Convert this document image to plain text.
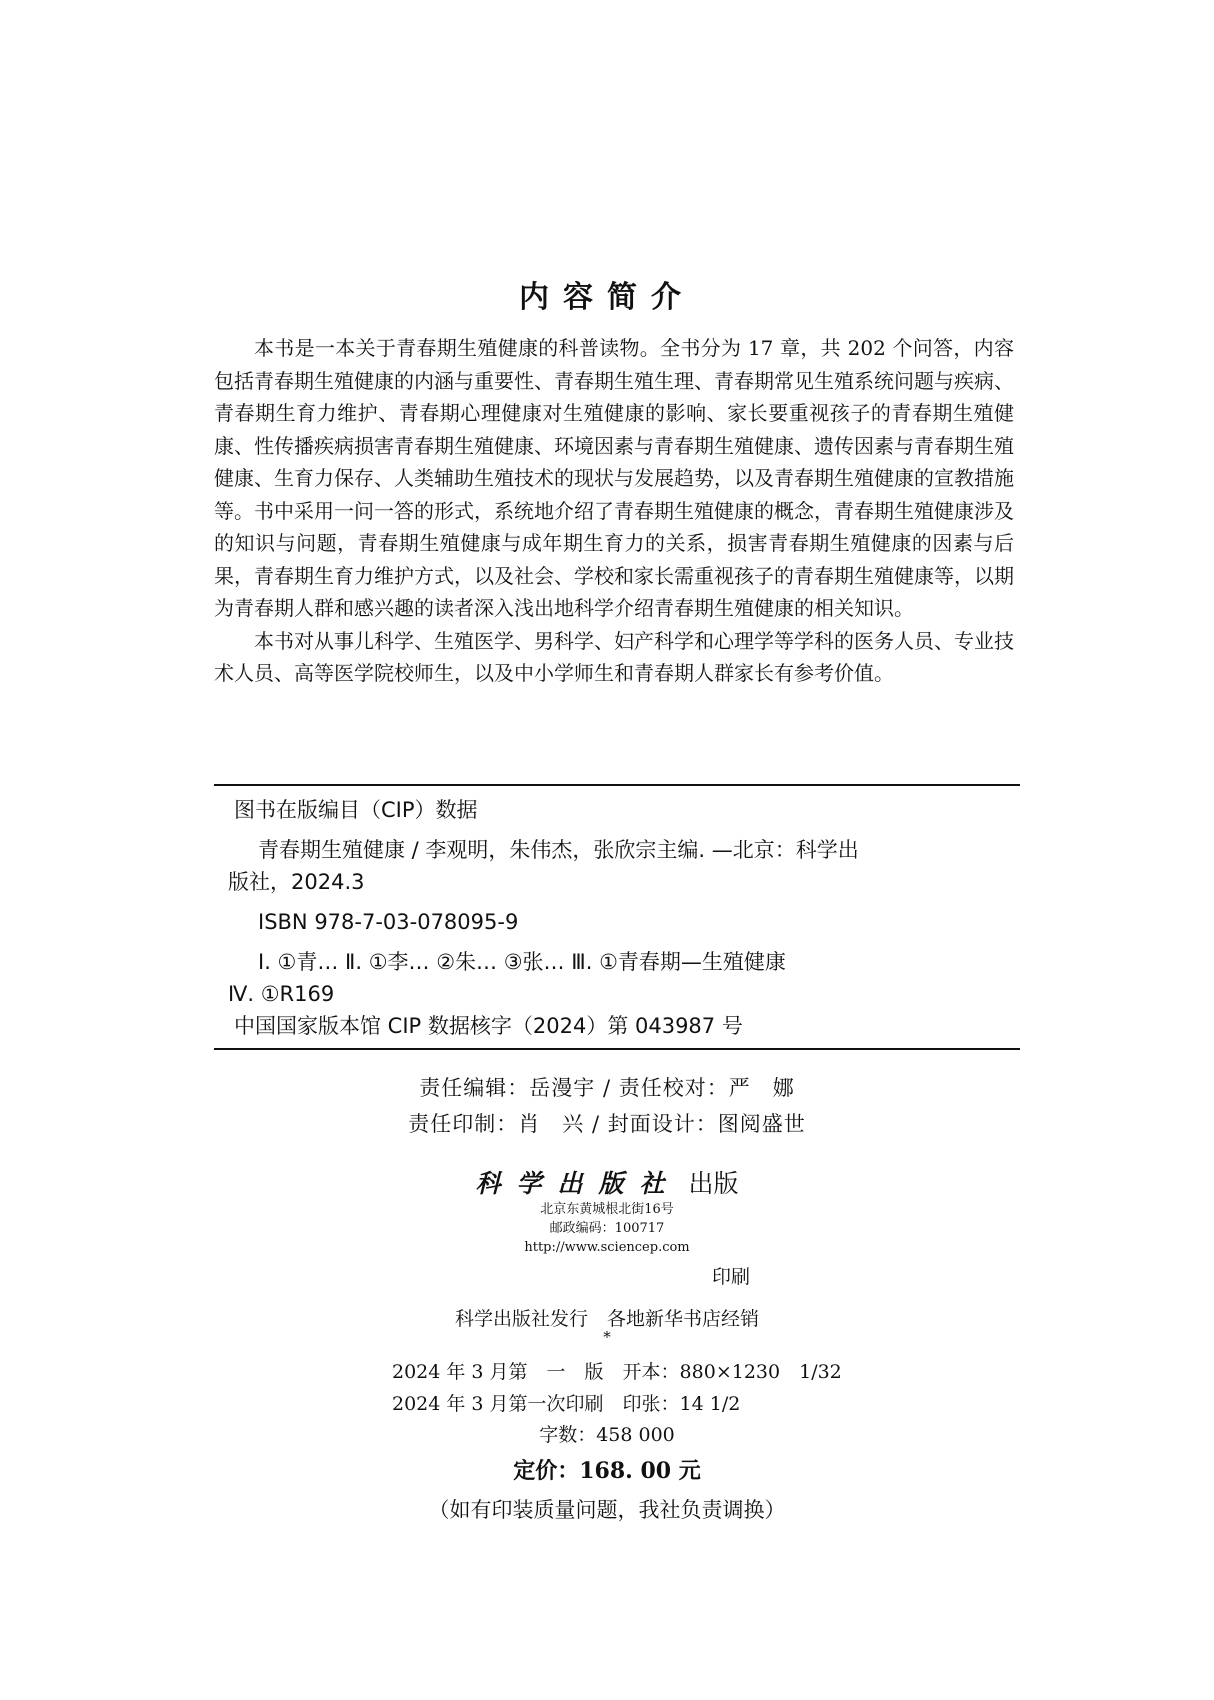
内容简介

本书是一本关于青春期生殖健康的科普读物。全书分为 17 章，共 202 个问答，内容包括青春期生殖健康的内涵与重要性、青春期生殖生理、青春期常见生殖系统问题与疾病、青春期生育力维护、青春期心理健康对生殖健康的影响、家长要重视孩子的青春期生殖健康、性传播疾病损害青春期生殖健康、环境因素与青春期生殖健康、遗传因素与青春期生殖健康、生育力保存、人类辅助生殖技术的现状与发展趋势，以及青春期生殖健康的宣教措施等。书中采用一问一答的形式，系统地介绍了青春期生殖健康的概念，青春期生殖健康涉及的知识与问题，青春期生殖健康与成年期生育力的关系，损害青春期生殖健康的因素与后果，青春期生育力维护方式，以及社会、学校和家长需重视孩子的青春期生殖健康等，以期为青春期人群和感兴趣的读者深入浅出地科学介绍青春期生殖健康的相关知识。

本书对从事儿科学、生殖医学、男科学、妇产科学和心理学等学科的医务人员、专业技术人员、高等医学院校师生，以及中小学师生和青春期人群家长有参考价值。

图书在版编目（CIP）数据
青春期生殖健康 / 李观明，朱伟杰，张欣宗主编. —北京：科学出
版社，2024.3
ISBN 978-7-03-078095-9
Ⅰ. ①青… Ⅱ. ①李… ②朱… ③张… Ⅲ. ①青春期—生殖健康
Ⅳ. ①R169
中国国家版本馆 CIP 数据核字（2024）第 043987 号
责任编辑：岳漫宇 / 责任校对：严　娜
责任印制：肖　兴 / 封面设计：图阅盛世
科学出版社 出版
北京东黄城根北街16号
邮政编码：100717
http://www.sciencep.com
印刷
科学出版社发行　各地新华书店经销
*
2024 年 3 月第　一　版　开本：880×1230　1/32
2024 年 3 月第一次印刷　印张：14 1/2
字数：458 000
定价：168. 00 元
（如有印装质量问题，我社负责调换）
